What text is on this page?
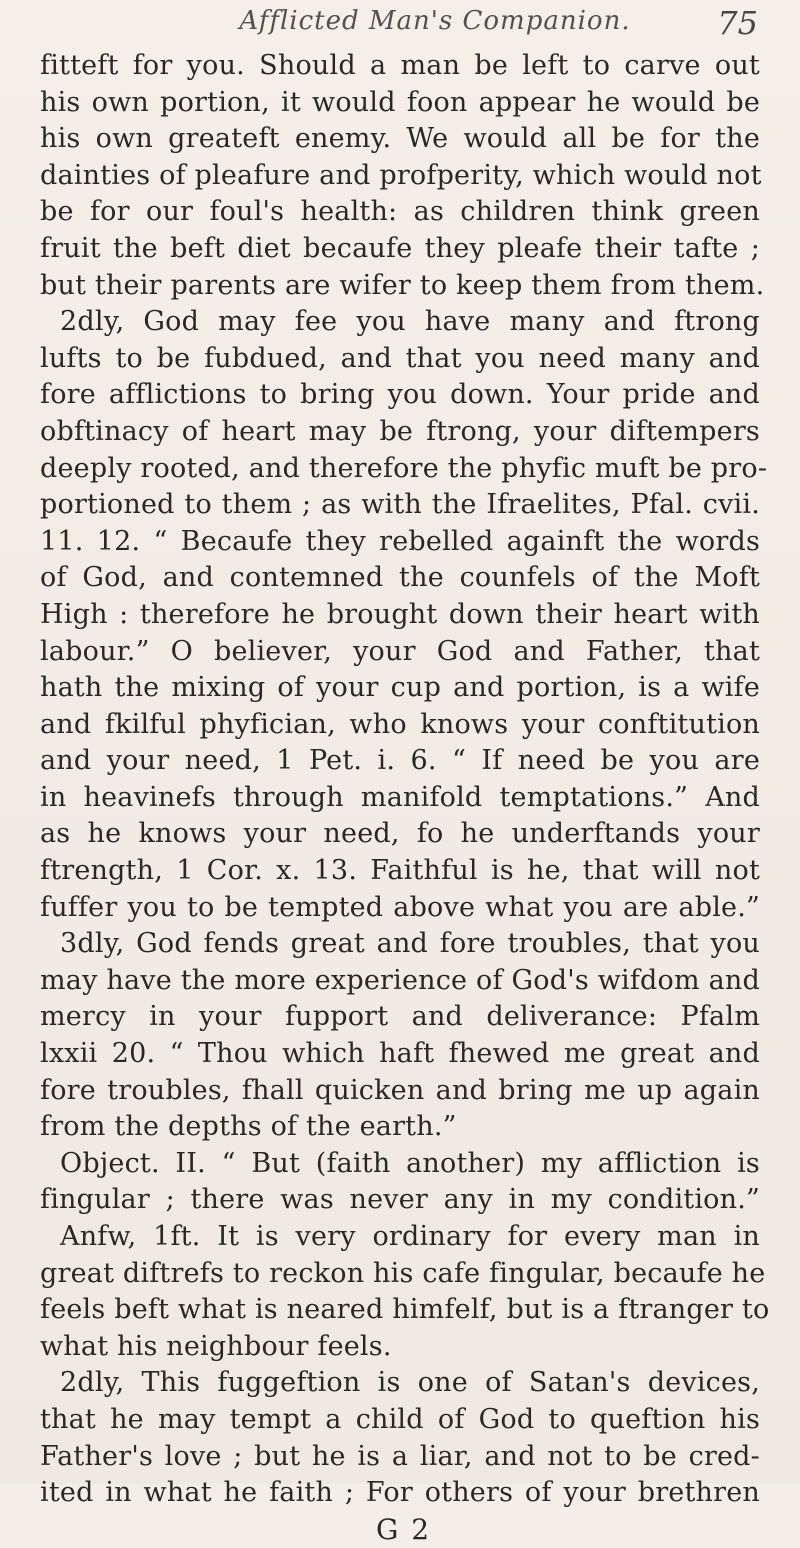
Afflicted Man's Companion.	75
fitteft for you. Should a man be left to carve out
his own portion, it would foon appear he would be
his own greateft enemy. We would all be for the
dainties of pleafure and profperity, which would not
be for our foul's health: as children think green
fruit the beft diet becaufe they pleafe their tafte ;
but their parents are wifer to keep them from them.
2dly, God may fee you have many and ftrong
lufts to be fubdued, and that you need many and
fore afflictions to bring you down. Your pride and
obftinacy of heart may be ftrong, your diftempers
deeply rooted, and therefore the phyfic muft be pro-
portioned to them ; as with the Ifraelites, Pfal. cvii.
11. 12. “ Becaufe they rebelled againft the words
of God, and contemned the counfels of the Moft
High : therefore he brought down their heart with
labour.” O believer, your God and Father, that
hath the mixing of your cup and portion, is a wife
and fkilful phyfician, who knows your conftitution
and your need, 1 Pet. i. 6. “ If need be you are
in heavinefs through manifold temptations.” And
as he knows your need, fo he underftands your
ftrength, 1 Cor. x. 13. Faithful is he, that will not
fuffer you to be tempted above what you are able.”
3dly, God fends great and fore troubles, that you
may have the more experience of God's wifdom and
mercy in your fupport and deliverance: Pfalm
lxxii 20. “ Thou which haft fhewed me great and
fore troubles, fhall quicken and bring me up again
from the depths of the earth.”
Object. II. “ But (faith another) my affliction is
fingular ; there was never any in my condition.”
Anfw, 1ft. It is very ordinary for every man in
great diftrefs to reckon his cafe fingular, becaufe he
feels beft what is neared himfelf, but is a ftranger to
what his neighbour feels.
2dly, This fuggeftion is one of Satan's devices,
that he may tempt a child of God to queftion his
Father's love ; but he is a liar, and not to be cred-
ited in what he faith ; For others of your brethren
G 2
